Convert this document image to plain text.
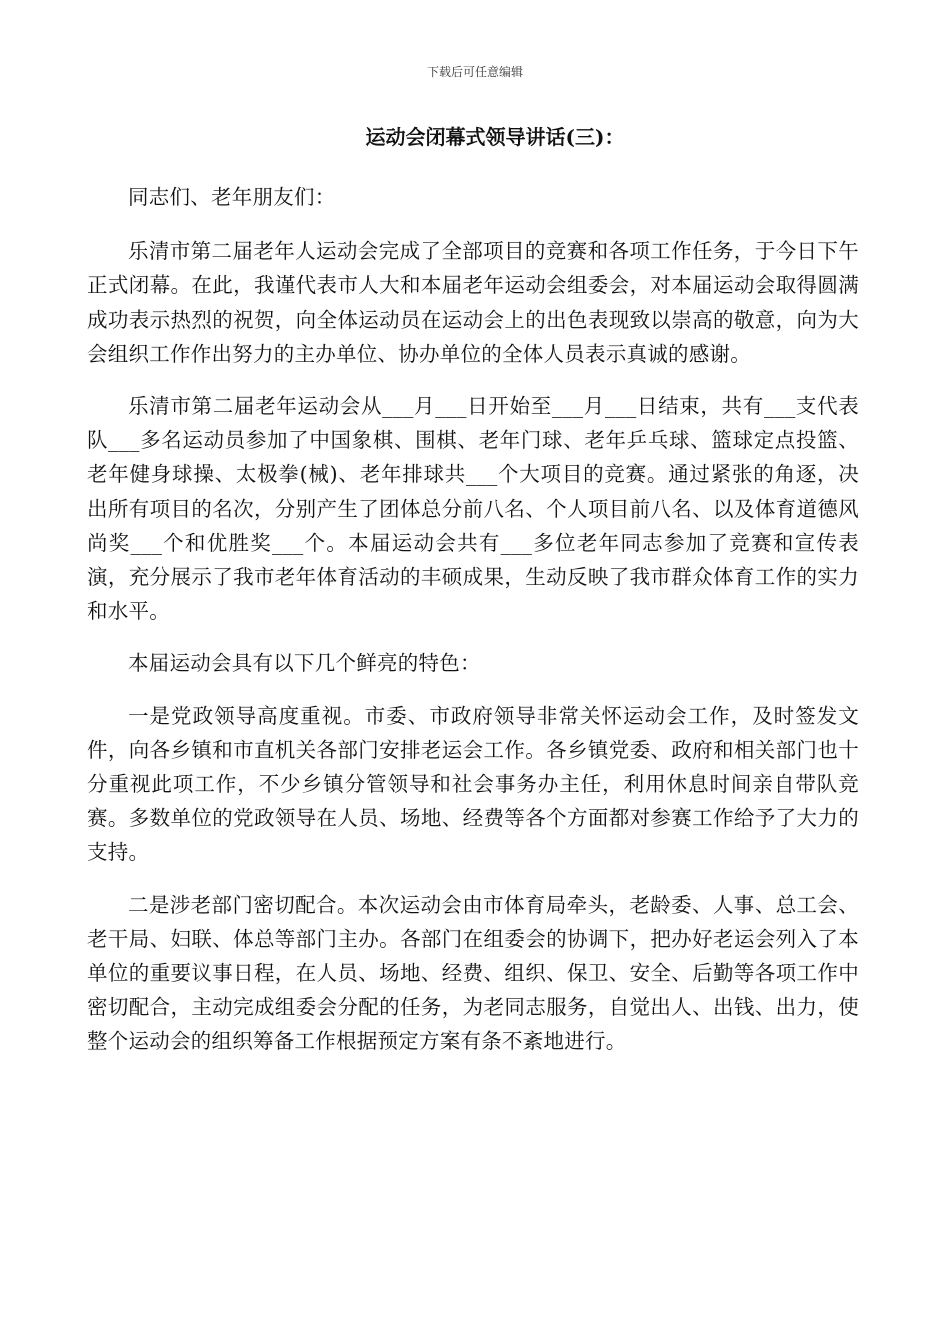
下载后可任意编辑
运动会闭幕式领导讲话(三)：

同志们、老年朋友们：

乐清市第二届老年人运动会完成了全部项目的竞赛和各项工作任务，于今日下午正式闭幕。在此，我谨代表市人大和本届老年运动会组委会，对本届运动会取得圆满成功表示热烈的祝贺，向全体运动员在运动会上的出色表现致以崇高的敬意，向为大会组织工作作出努力的主办单位、协办单位的全体人员表示真诚的感谢。

乐清市第二届老年运动会从___月___日开始至___月___日结束，共有___支代表队___多名运动员参加了中国象棋、围棋、老年门球、老年乒乓球、篮球定点投篮、老年健身球操、太极拳(械)、老年排球共___个大项目的竞赛。通过紧张的角逐，决出所有项目的名次，分别产生了团体总分前八名、个人项目前八名、以及体育道德风尚奖___个和优胜奖___个。本届运动会共有___多位老年同志参加了竞赛和宣传表演，充分展示了我市老年体育活动的丰硕成果，生动反映了我市群众体育工作的实力和水平。

本届运动会具有以下几个鲜亮的特色：

一是党政领导高度重视。市委、市政府领导非常关怀运动会工作，及时签发文件，向各乡镇和市直机关各部门安排老运会工作。各乡镇党委、政府和相关部门也十分重视此项工作，不少乡镇分管领导和社会事务办主任，利用休息时间亲自带队竞赛。多数单位的党政领导在人员、场地、经费等各个方面都对参赛工作给予了大力的支持。

二是涉老部门密切配合。本次运动会由市体育局牵头，老龄委、人事、总工会、老干局、妇联、体总等部门主办。各部门在组委会的协调下，把办好老运会列入了本单位的重要议事日程，在人员、场地、经费、组织、保卫、安全、后勤等各项工作中密切配合，主动完成组委会分配的任务，为老同志服务，自觉出人、出钱、出力，使整个运动会的组织筹备工作根据预定方案有条不紊地进行。
